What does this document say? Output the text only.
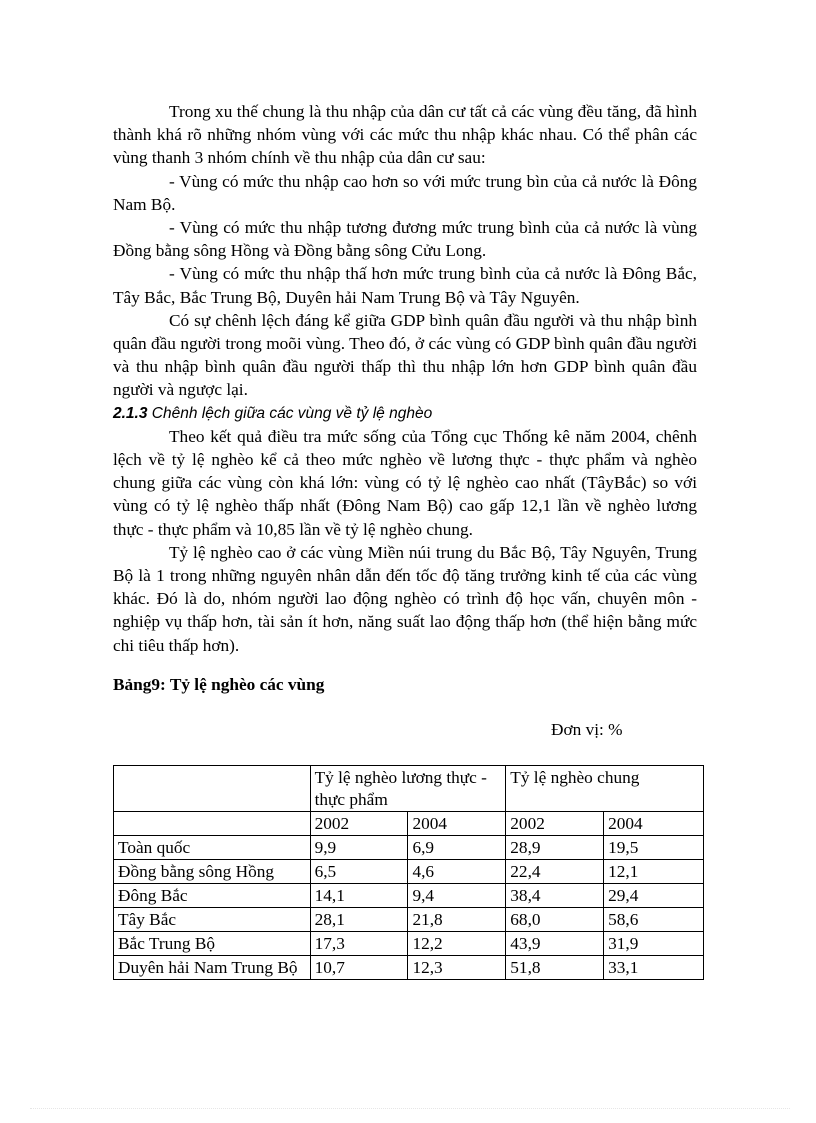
Trong xu thế chung là thu nhập của dân cư tất cả các vùng đều tăng, đã hình thành khá rõ những nhóm vùng với các mức thu nhập khác nhau. Có thể phân các vùng thanh 3 nhóm chính về thu nhập của dân cư sau:

- Vùng có mức thu nhập cao hơn so với mức trung bìn của cả nước là Đông Nam Bộ.

- Vùng có mức thu nhập tương đương mức trung bình của cả nước là vùng Đồng bằng sông Hồng và Đồng bằng sông Cửu Long.

- Vùng có mức thu nhập thấ hơn mức trung bình của cả nước là Đông Bắc, Tây Bắc, Bắc Trung Bộ, Duyên hải Nam Trung Bộ và Tây Nguyên.

Có sự chênh lệch đáng kể giữa GDP bình quân đầu người và thu nhập bình quân đầu người trong moõi vùng. Theo đó, ở các vùng có GDP bình quân đầu người và thu nhập bình quân đầu người thấp thì thu nhập lớn hơn GDP bình quân đầu người và ngược lại.

2.1.3 Chênh lệch giữa các vùng về tỷ lệ nghèo

Theo kết quả điều tra mức sống của Tổng cục Thống kê năm 2004, chênh lệch về tỷ lệ nghèo kể cả theo mức nghèo về lương thực - thực phẩm và nghèo chung giữa các vùng còn khá lớn: vùng có tỷ lệ nghèo cao nhất (TâyBắc) so với vùng có tỷ lệ nghèo thấp nhất (Đông Nam Bộ) cao gấp 12,1 lần về nghèo lương thực - thực phẩm và 10,85 lần về tỷ lệ nghèo chung.

Tỷ lệ nghèo cao ở các vùng Miền núi trung du Bắc Bộ, Tây Nguyên, Trung Bộ là 1 trong những nguyên nhân dẫn đến tốc độ tăng trưởng kinh tế của các vùng khác. Đó là do, nhóm người lao động nghèo có trình độ học vấn, chuyên môn - nghiệp vụ thấp hơn, tài sản ít hơn, năng suất lao động thấp hơn (thể hiện bằng mức chi tiêu thấp hơn).

Bảng9: Tỷ lệ nghèo các vùng
Đơn vị: %
	Tỷ lệ nghèo lương thực - thực phẩm		Tỷ lệ nghèo chung	
	2002	2004	2002	2004
Toàn quốc	9,9	6,9	28,9	19,5
Đồng bằng sông Hồng	6,5	4,6	22,4	12,1
Đông Bắc	14,1	9,4	38,4	29,4
Tây Bắc	28,1	21,8	68,0	58,6
Bắc Trung Bộ	17,3	12,2	43,9	31,9
Duyên hải Nam Trung Bộ	10,7	12,3	51,8	33,1
